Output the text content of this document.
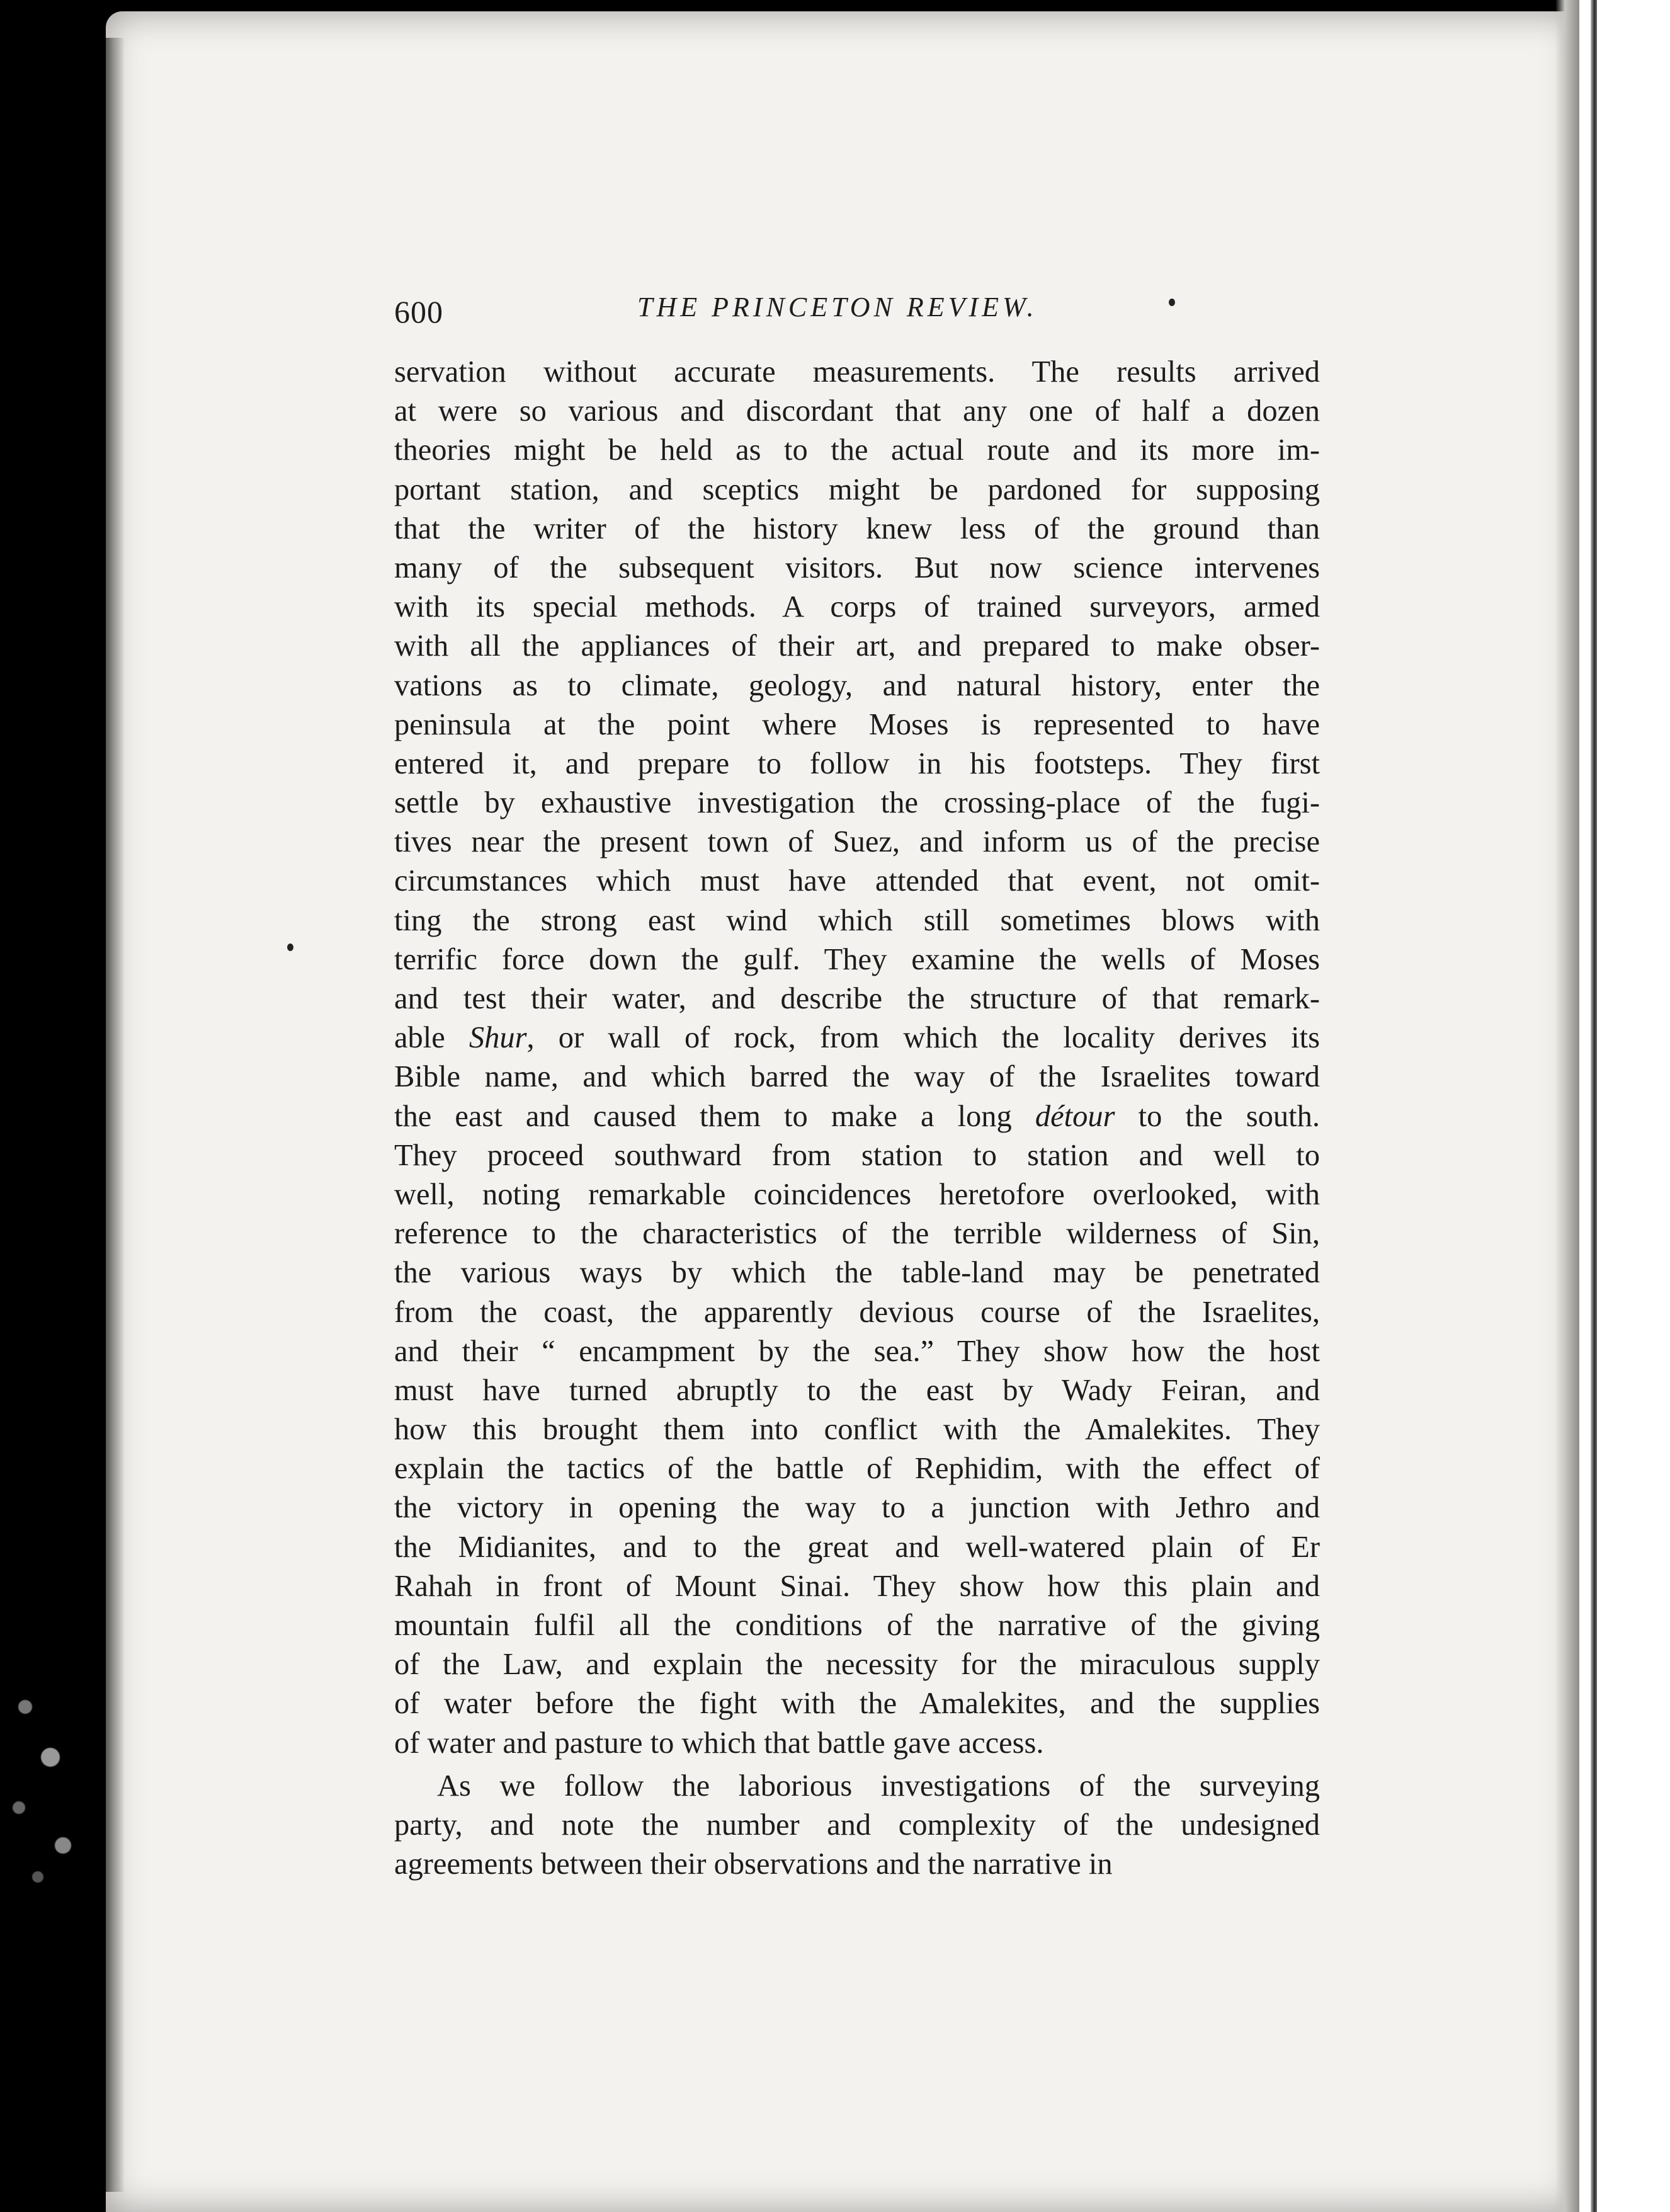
600	THE PRINCETON REVIEW.
servation without accurate measurements. The results arrived
at were so various and discordant that any one of half a dozen
theories might be held as to the actual route and its more im-
portant station, and sceptics might be pardoned for supposing
that the writer of the history knew less of the ground than
many of the subsequent visitors. But now science intervenes
with its special methods. A corps of trained surveyors, armed
with all the appliances of their art, and prepared to make obser-
vations as to climate, geology, and natural history, enter the
peninsula at the point where Moses is represented to have
entered it, and prepare to follow in his footsteps. They first
settle by exhaustive investigation the crossing-place of the fugi-
tives near the present town of Suez, and inform us of the precise
circumstances which must have attended that event, not omit-
ting the strong east wind which still sometimes blows with
terrific force down the gulf. They examine the wells of Moses
and test their water, and describe the structure of that remark-
able Shur, or wall of rock, from which the locality derives its
Bible name, and which barred the way of the Israelites toward
the east and caused them to make a long détour to the south.
They proceed southward from station to station and well to
well, noting remarkable coincidences heretofore overlooked, with
reference to the characteristics of the terrible wilderness of Sin,
the various ways by which the table-land may be penetrated
from the coast, the apparently devious course of the Israelites,
and their “ encampment by the sea.” They show how the host
must have turned abruptly to the east by Wady Feiran, and
how this brought them into conflict with the Amalekites. They
explain the tactics of the battle of Rephidim, with the effect of
the victory in opening the way to a junction with Jethro and
the Midianites, and to the great and well-watered plain of Er
Rahah in front of Mount Sinai. They show how this plain and
mountain fulfil all the conditions of the narrative of the giving
of the Law, and explain the necessity for the miraculous supply
of water before the fight with the Amalekites, and the supplies
of water and pasture to which that battle gave access.
As we follow the laborious investigations of the surveying
party, and note the number and complexity of the undesigned
agreements between their observations and the narrative in
